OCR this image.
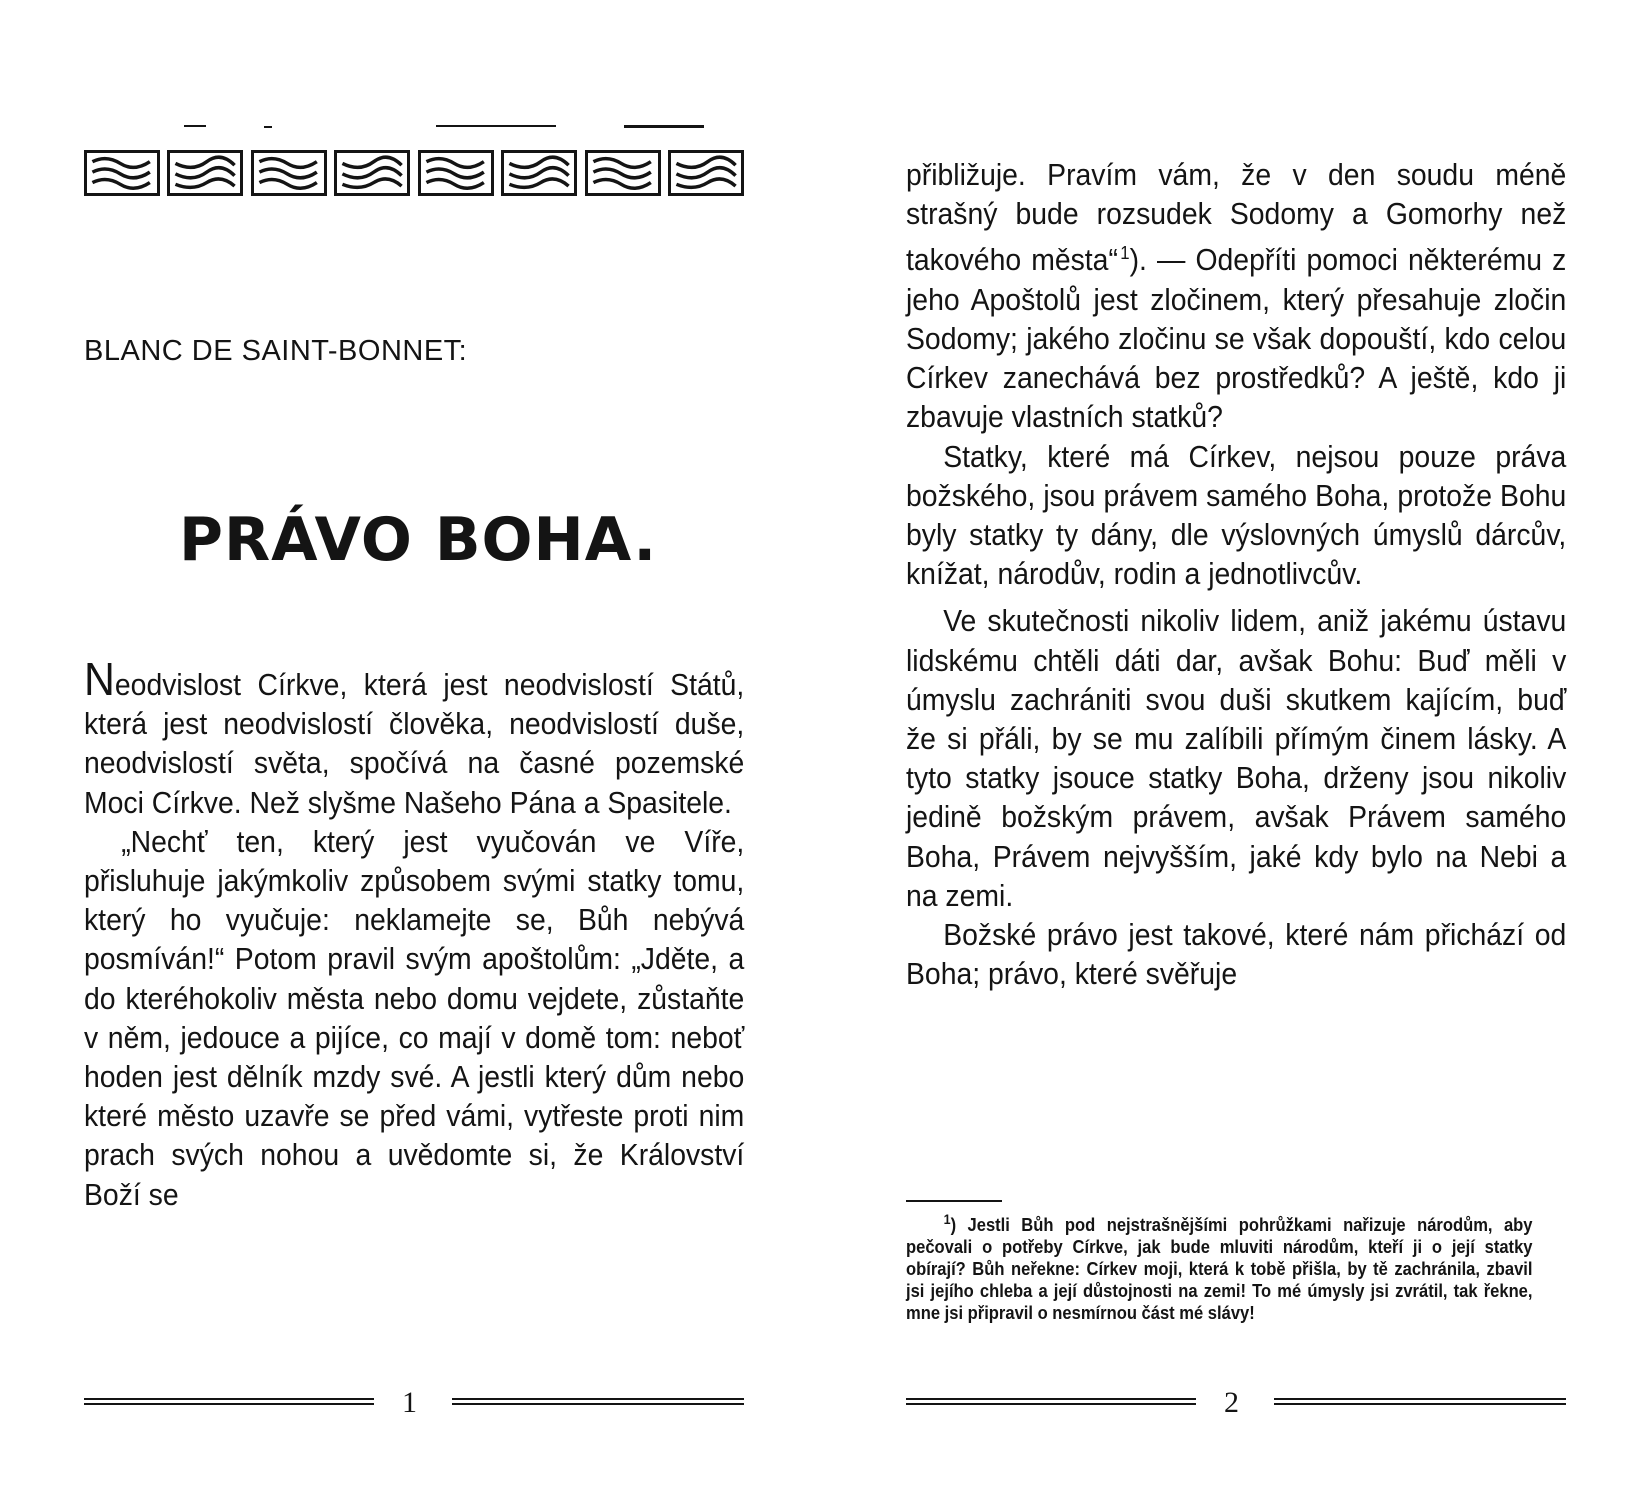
BLANC DE SAINT-BONNET:
PRÁVO BOHA.

Neodvislost Církve, která jest neodvislostí Států, která jest neodvislostí člověka, neodvislostí duše, neodvislostí světa, spočívá na časné pozemské Moci Církve. Než slyšme Našeho Pána a Spasitele.

„Nechť ten, který jest vyučován ve Víře, přisluhuje jakýmkoliv způsobem svými statky tomu, který ho vyučuje: neklamejte se, Bůh nebývá posmíván!“ Potom pravil svým apoštolům: „Jděte, a do kteréhokoliv města nebo domu vejdete, zůstaňte v něm, jedouce a pijíce, co mají v domě tom: neboť hoden jest dělník mzdy své. A jestli který dům nebo které město uzavře se před vámi, vytřeste proti nim prach svých nohou a uvědomte si, že Království Boží se

1

přibližuje. Pravím vám, že v den soudu méně strašný bude rozsudek Sodomy a Gomorhy než takového města“  $^1$). — Odepříti pomoci některému z jeho Apoštolů jest zločinem, který přesahuje zločin Sodomy; jakého zločinu se však dopouští, kdo celou Církev zanechává bez prostředků? A ještě, kdo ji zbavuje vlastních statků?

Statky, které má Církev, nejsou pouze práva božského, jsou právem samého Boha, protože Bohu byly statky ty dány, dle výslovných úmyslů dárcův, knížat, národův, rodin a jednotlivcův.

Ve skutečnosti nikoliv lidem, aniž jakému ústavu lidskému chtěli dáti dar, avšak Bohu: Buď měli v úmyslu zachrániti svou duši skutkem kajícím, buď že si přáli, by se mu zalíbili přímým činem lásky. A tyto statky jsouce statky Boha, drženy jsou nikoliv jedině božským právem, avšak Právem samého Boha, Právem nejvyšším, jaké kdy bylo na Nebi a na zemi.

Božské právo jest takové, které nám přichází od Boha; právo, které svěřuje

$^1$) Jestli Bůh pod nejstrašnějšími pohrůžkami nařizuje národům, aby pečovali o potřeby Církve, jak bude mluviti národům, kteří ji o její statky obírají? Bůh neřekne: Církev moji, která k tobě přišla, by tě zachránila, zbavil jsi jejího chleba a její důstojnosti na zemi! To mé úmysly jsi zvrátil, tak řekne, mne jsi připravil o nesmírnou část mé slávy!

2
